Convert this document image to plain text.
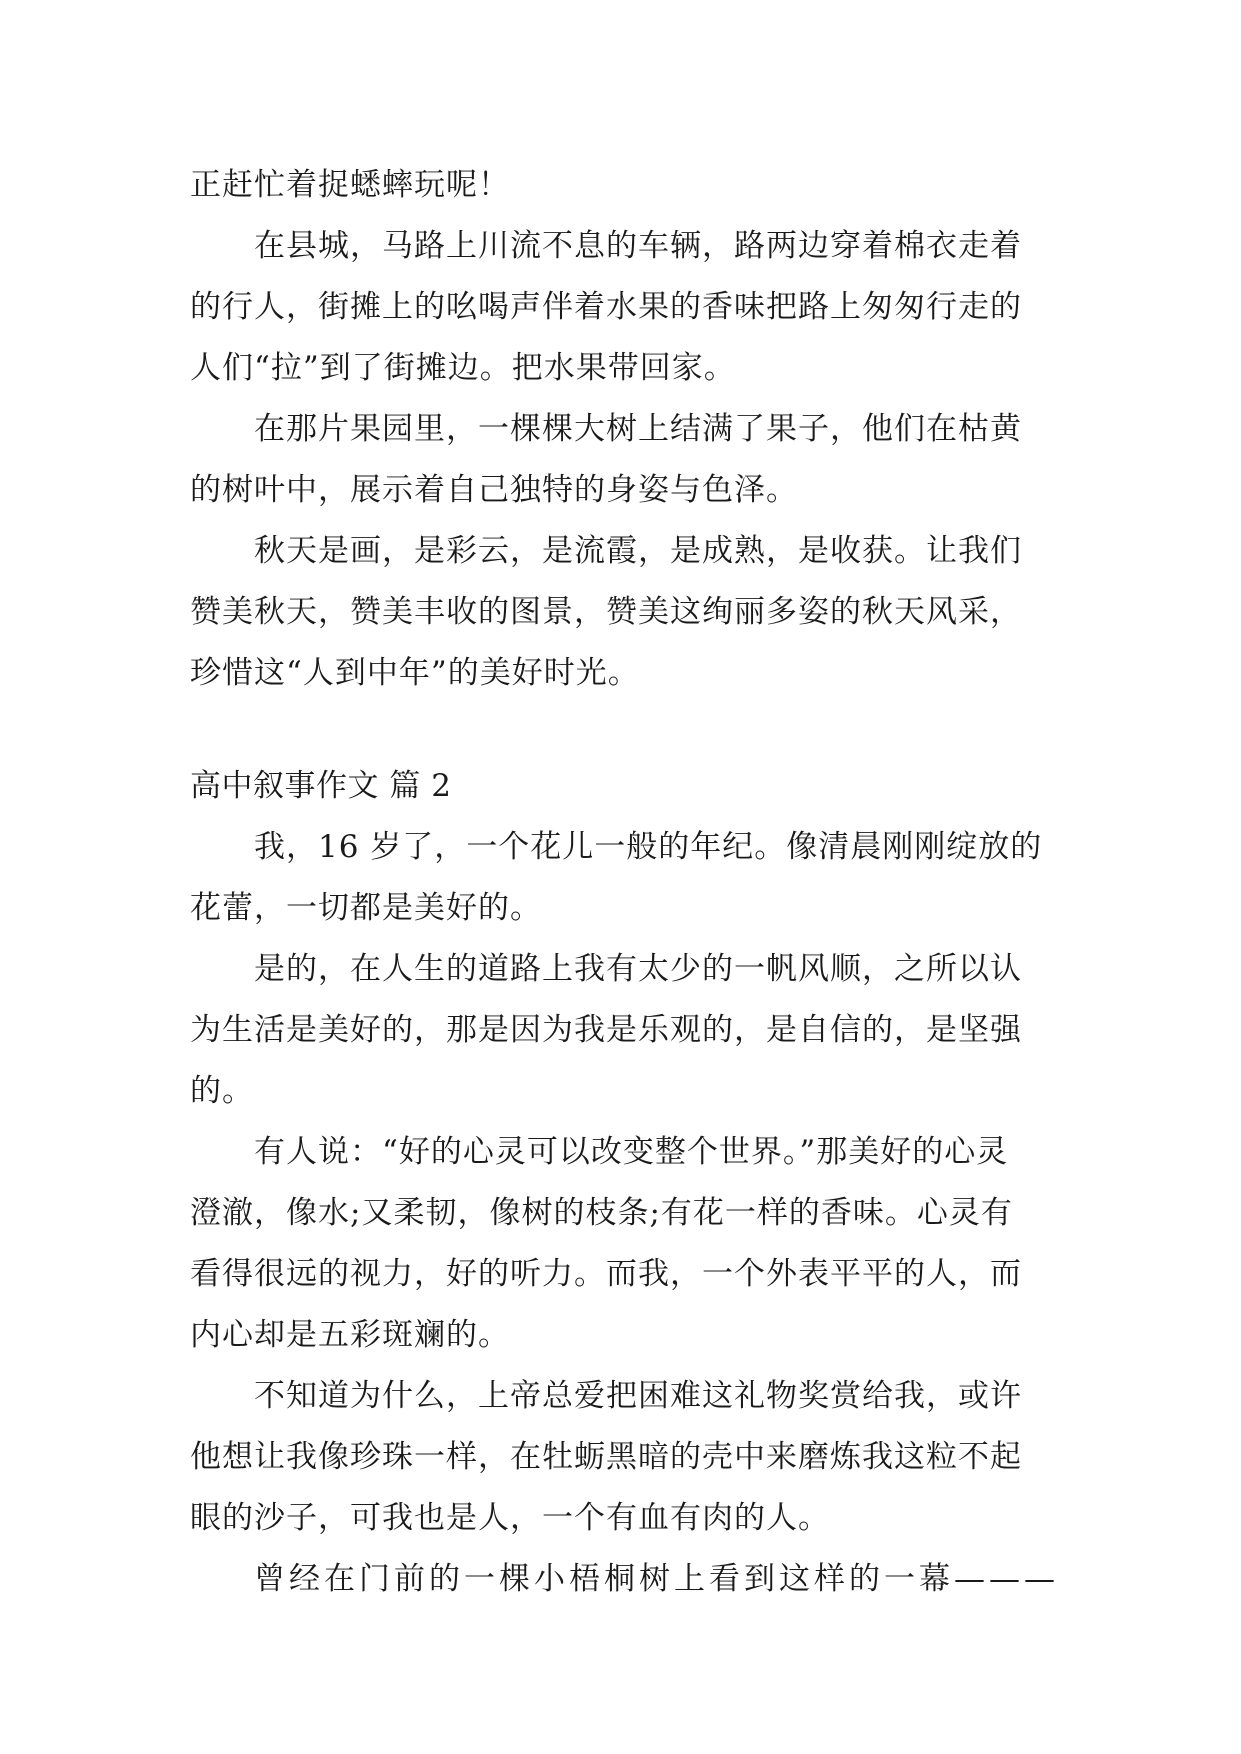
正赶忙着捉蟋蟀玩呢！
在县城，马路上川流不息的车辆，路两边穿着棉衣走着
的行人，街摊上的吆喝声伴着水果的香味把路上匆匆行走的
人们“拉”到了街摊边。把水果带回家。
在那片果园里，一棵棵大树上结满了果子，他们在枯黄
的树叶中，展示着自己独特的身姿与色泽。
秋天是画，是彩云，是流霞，是成熟，是收获。让我们
赞美秋天，赞美丰收的图景，赞美这绚丽多姿的秋天风采，
珍惜这“人到中年”的美好时光。
高中叙事作文 篇 2
我，16 岁了，一个花儿一般的年纪。像清晨刚刚绽放的
花蕾，一切都是美好的。
是的，在人生的道路上我有太少的一帆风顺，之所以认
为生活是美好的，那是因为我是乐观的，是自信的，是坚强
的。
有人说：“好的心灵可以改变整个世界。”那美好的心灵
澄澈，像水;又柔韧，像树的枝条;有花一样的香味。心灵有
看得很远的视力，好的听力。而我，一个外表平平的人，而
内心却是五彩斑斓的。
不知道为什么，上帝总爱把困难这礼物奖赏给我，或许
他想让我像珍珠一样，在牡蛎黑暗的壳中来磨炼我这粒不起
眼的沙子，可我也是人，一个有血有肉的人。
曾经在门前的一棵小梧桐树上看到这样的一幕———
